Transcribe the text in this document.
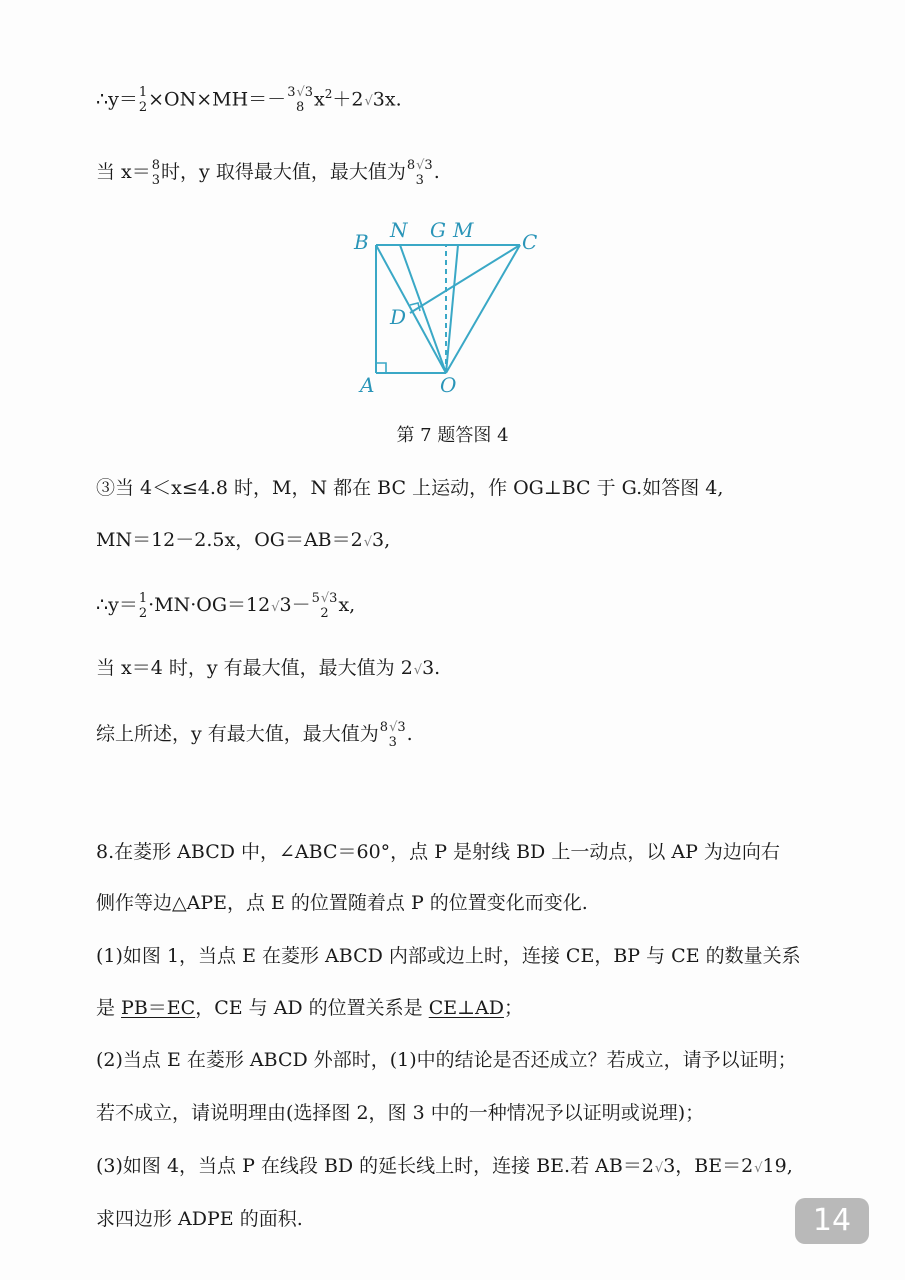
∴y＝ 1
2 ×ON×MH＝－ 3√3
8 $x^2+2√3x$.
当 x＝ 8
3 时，y 取得最大值，最大值为 8√3
3 .
B N G M C
D
A	O
第 7 题答图 4
③当 4＜x≤4.8 时，M，N 都在 BC 上运动，作 OG⊥BC 于 G.如答图 4,
MN＝12－2.5x，OG＝AB＝2√3,
∴y＝ 1
2 ·MN·OG＝12√3－ 5√3
2 x,
当 x＝4 时，y 有最大值，最大值为 2√3.
综上所述，y 有最大值，最大值为 8√3
3 .
8.在菱形 ABCD 中，∠ABC＝60°，点 P 是射线 BD 上一动点，以 AP 为边向右
侧作等边△APE，点 E 的位置随着点 P 的位置变化而变化.
(1)如图 1，当点 E 在菱形 ABCD 内部或边上时，连接 CE，BP 与 CE 的数量关系
是 PB＝EC，CE 与 AD 的位置关系是 CE⊥AD；
(2)当点 E 在菱形 ABCD 外部时，(1)中的结论是否还成立？若成立，请予以证明；
若不成立，请说明理由(选择图 2，图 3 中的一种情况予以证明或说理)；
(3)如图 4，当点 P 在线段 BD 的延长线上时，连接 BE.若 AB＝2√3，BE＝2√19,
求四边形 ADPE 的面积.	14
